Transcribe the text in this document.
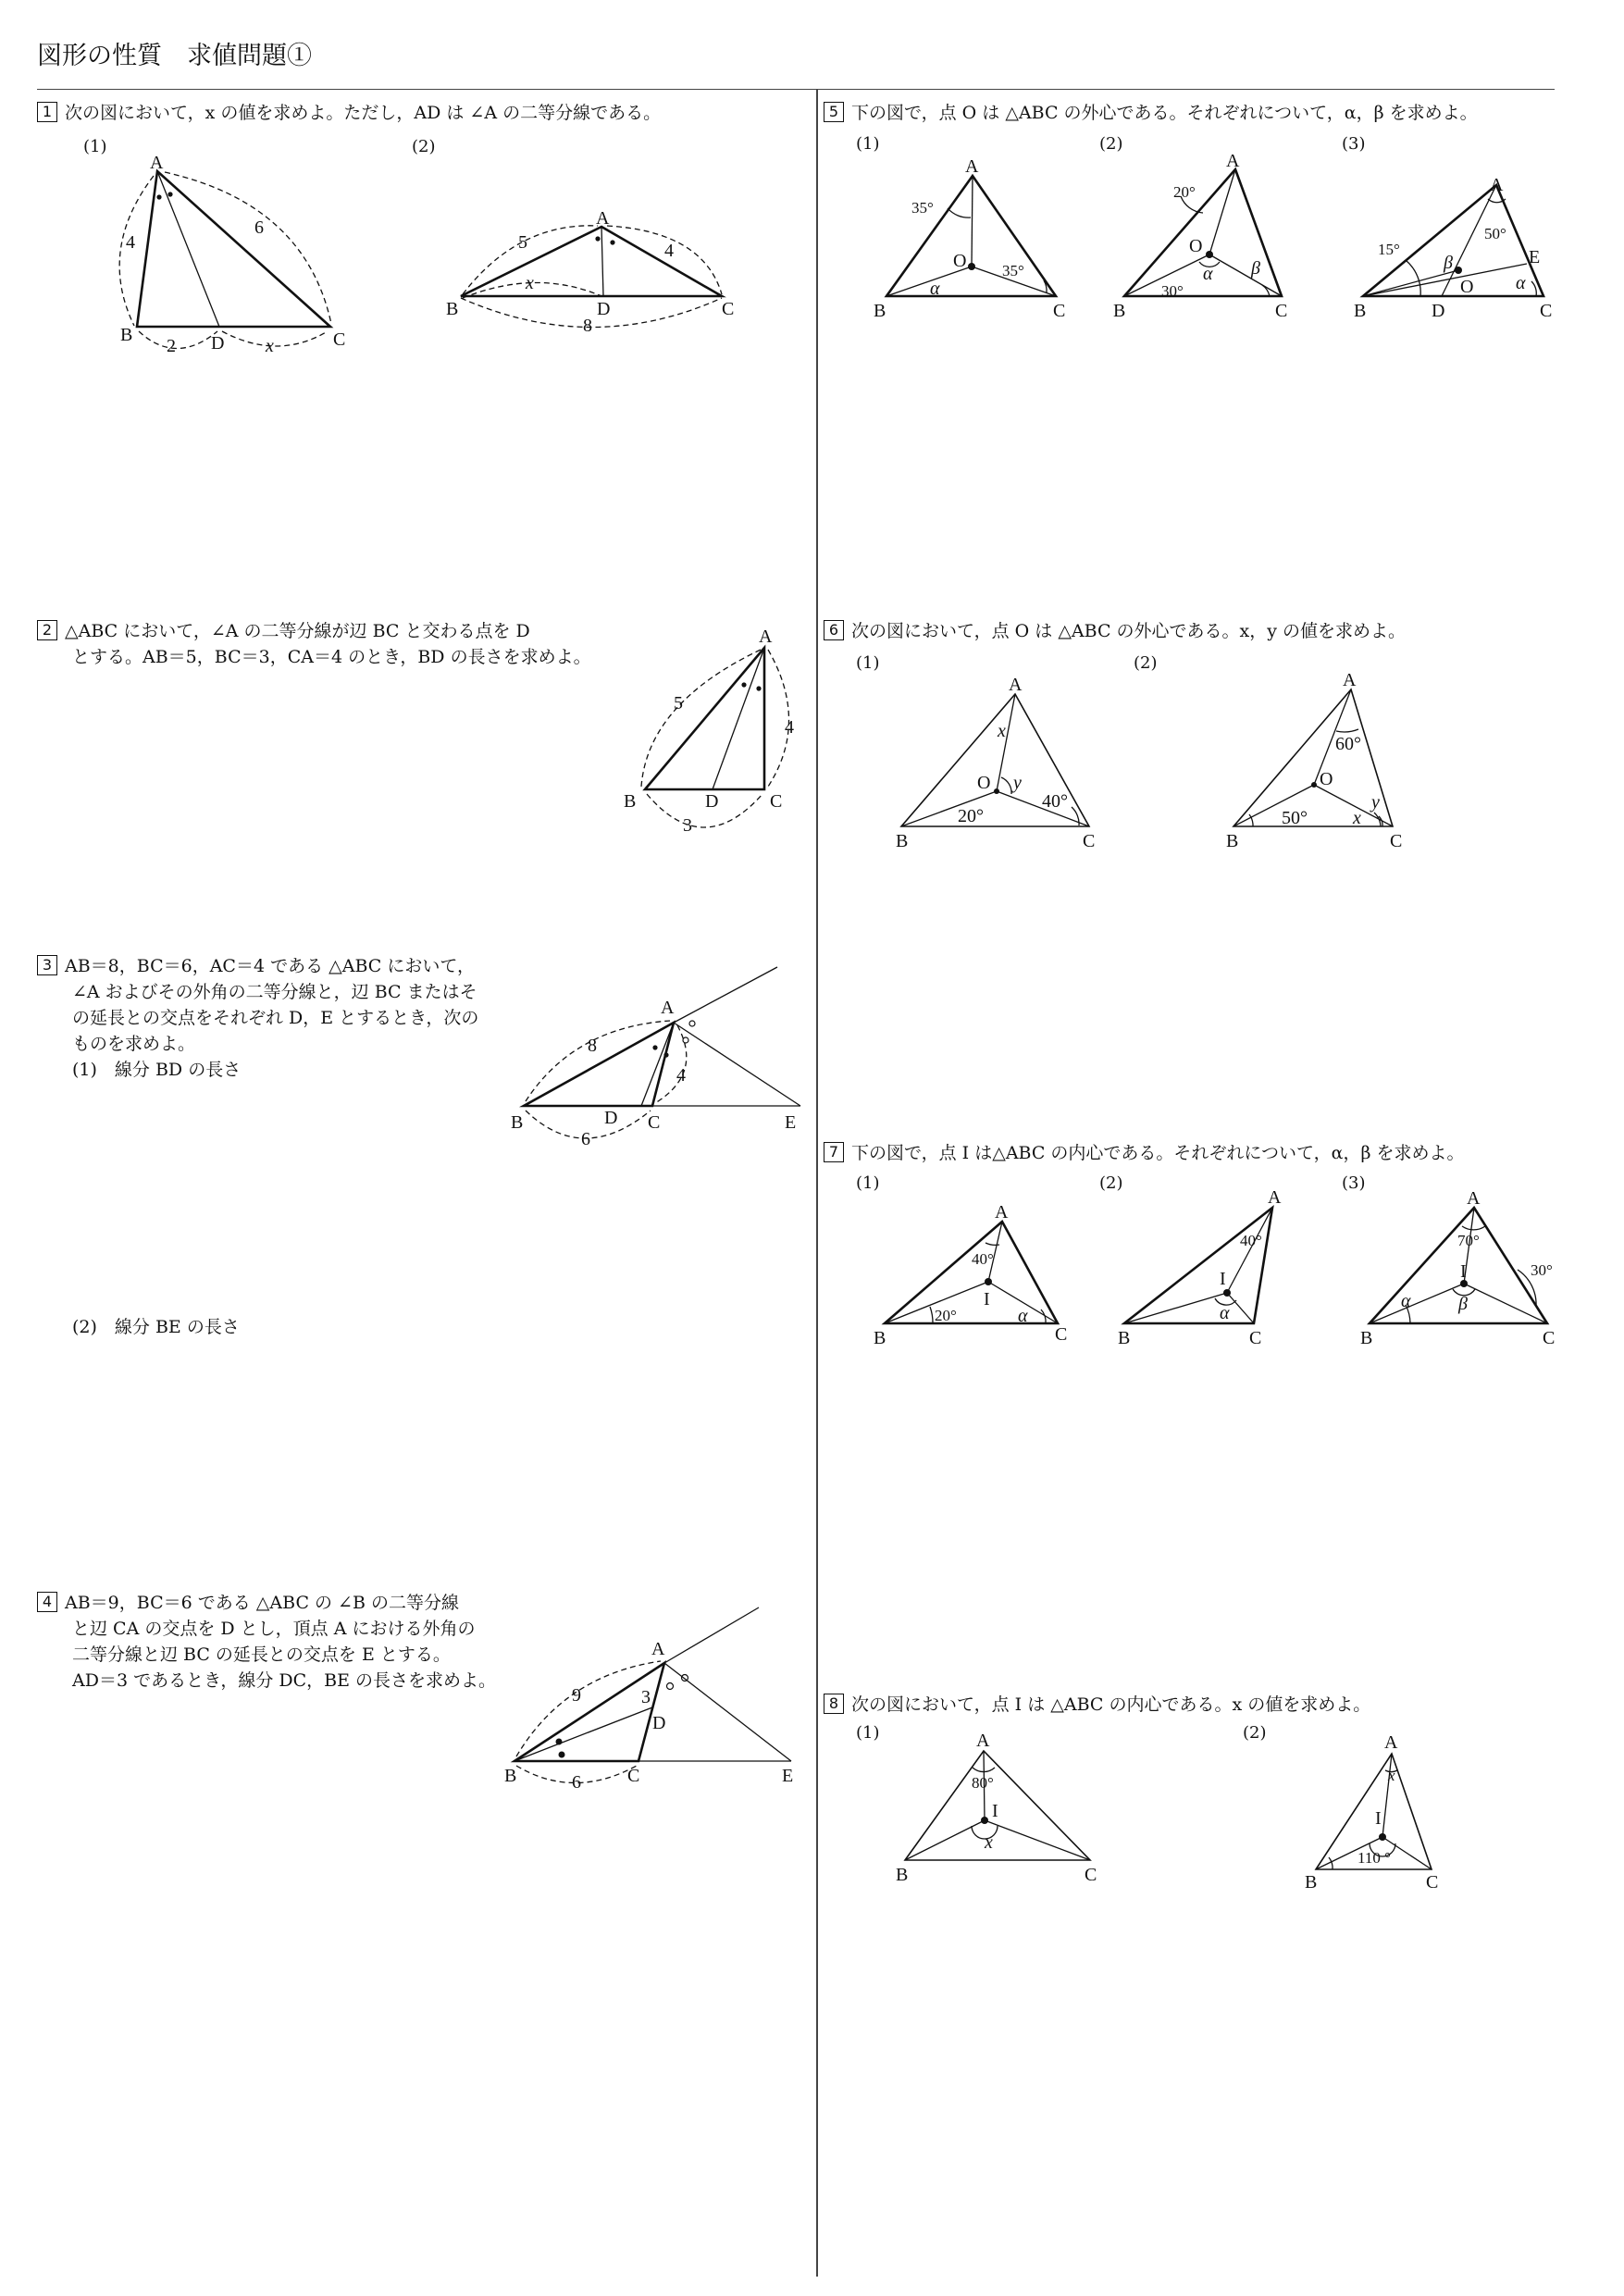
図形の性質　求値問題①
1 次の図において，x の値を求めよ。ただし，AD は ∠A の二等分線である。
(1)	(2)
A
B	C
D
4
6
2	x
A
B	C
D
5	4
x
8
A
B	C
D
5
4
3
A
B	C
D	E
8
4
6
A
B	C
D
E
9	3
6
A
B	C
O
35°
35°
α
A
B	C
O
20°
30°
α β
A
B	C
D
E
O
15°
50°
β
α
A
B	C
O
x
y
20°
40°
A
B	C
O
60°
50° x
y
A
B	C
I
40°
20°	α
A
B	C
I
40°
α
A
B	C
I
70°
30°
α	β
A
B	C
I
80°
x
A
B	C
I
x
110 °
2 △ABC において，∠A の二等分線が辺 BC と交わる点を D
とする。AB＝5，BC＝3，CA＝4 のとき，BD の長さを求めよ。
3 AB＝8，BC＝6，AC＝4 である △ABC において，
∠A およびその外角の二等分線と，辺 BC またはそ
の延長との交点をそれぞれ D，E とするとき，次の
ものを求めよ。
(1)　線分 BD の長さ
(2)　線分 BE の長さ
4 AB＝9，BC＝6 である △ABC の ∠B の二等分線
と辺 CA の交点を D とし，頂点 A における外角の
二等分線と辺 BC の延長との交点を E とする。
AD＝3 であるとき，線分 DC，BE の長さを求めよ。
5 下の図で，点 O は △ABC の外心である。それぞれについて，α，β を求めよ。
(1)	(2)	(3)
6 次の図において，点 O は △ABC の外心である。x，y の値を求めよ。
(1)	(2)
7 下の図で，点 I は△ABC の内心である。それぞれについて，α，β を求めよ。
(1)	(2)	(3)
8 次の図において，点 I は △ABC の内心である。x の値を求めよ。
(1)	(2)
